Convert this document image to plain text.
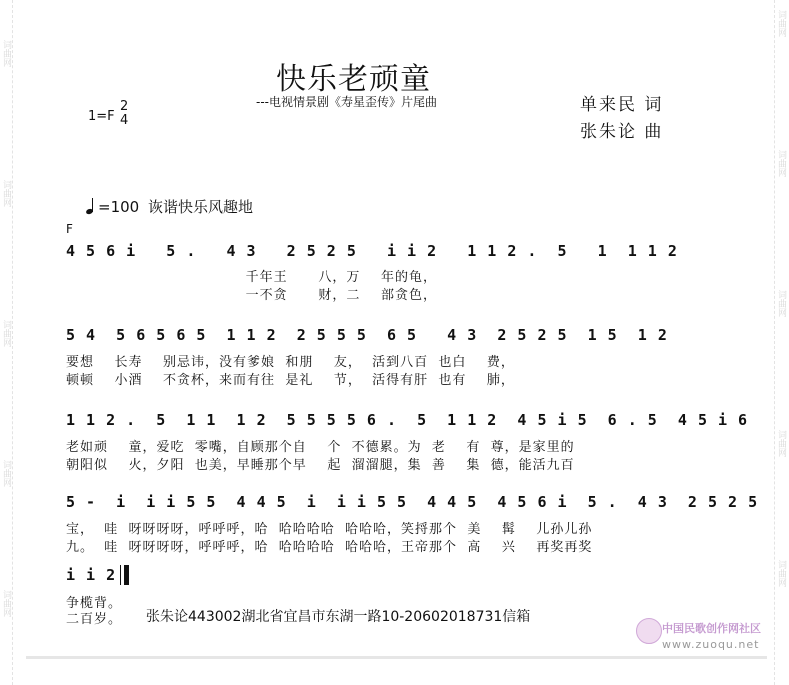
词曲网
词曲网
词曲网
词曲网
词曲网
词曲网
词曲网
词曲网
词曲网
词曲网
快乐老顽童
---电视情景剧《寿星歪传》片尾曲
1=F
2
4
单来民 词
张朱论 曲
=100 诙谐快乐风趣地
F
4 5 6 i   5 .   4 3   2 5 2 5   i i 2   1 1 2 .  5   1  1 1 2
千年王      八，万    年的龟，
一不贪      财，二    部贪色，
5 4  5 6 5 6 5  1 1 2  2 5 5 5  6 5   4 3  2 5 2 5  1 5  1 2
要想    长寿    别忌讳，没有爹娘  和朋    友，  活到八百  也白    费，
顿顿    小酒    不贪杯，来而有往  是礼    节，  活得有肝  也有    肺，
1 1 2 .  5  1 1  1 2  5 5 5 5 6 .  5  1 1 2  4 5 i 5  6 . 5  4 5 i 6
老如顽    童，爱吃  零嘴，自顾那个自    个  不德累。为  老    有  尊，是家里的
朝阳似    火，夕阳  也美，早睡那个早    起  溜溜腿，集  善    集  德，能活九百
5 -  i  i i 5 5  4 4 5  i  i i 5 5  4 4 5  4 5 6 i  5 .  4 3  2 5 2 5
宝，  哇  呀呀呀呀，呼呼呼，哈  哈哈哈哈  哈哈哈，笑捋那个  美    髯    儿孙儿孙
九。  哇  呀呀呀呀，呼呼呼，哈  哈哈哈哈  哈哈哈，王帝那个  高    兴    再奖再奖
i i 2
争榄背。
二百岁。 张朱论443002湖北省宜昌市东湖一路10-20602018731信箱
中国民歌创作网社区
www.zuoqu.net
